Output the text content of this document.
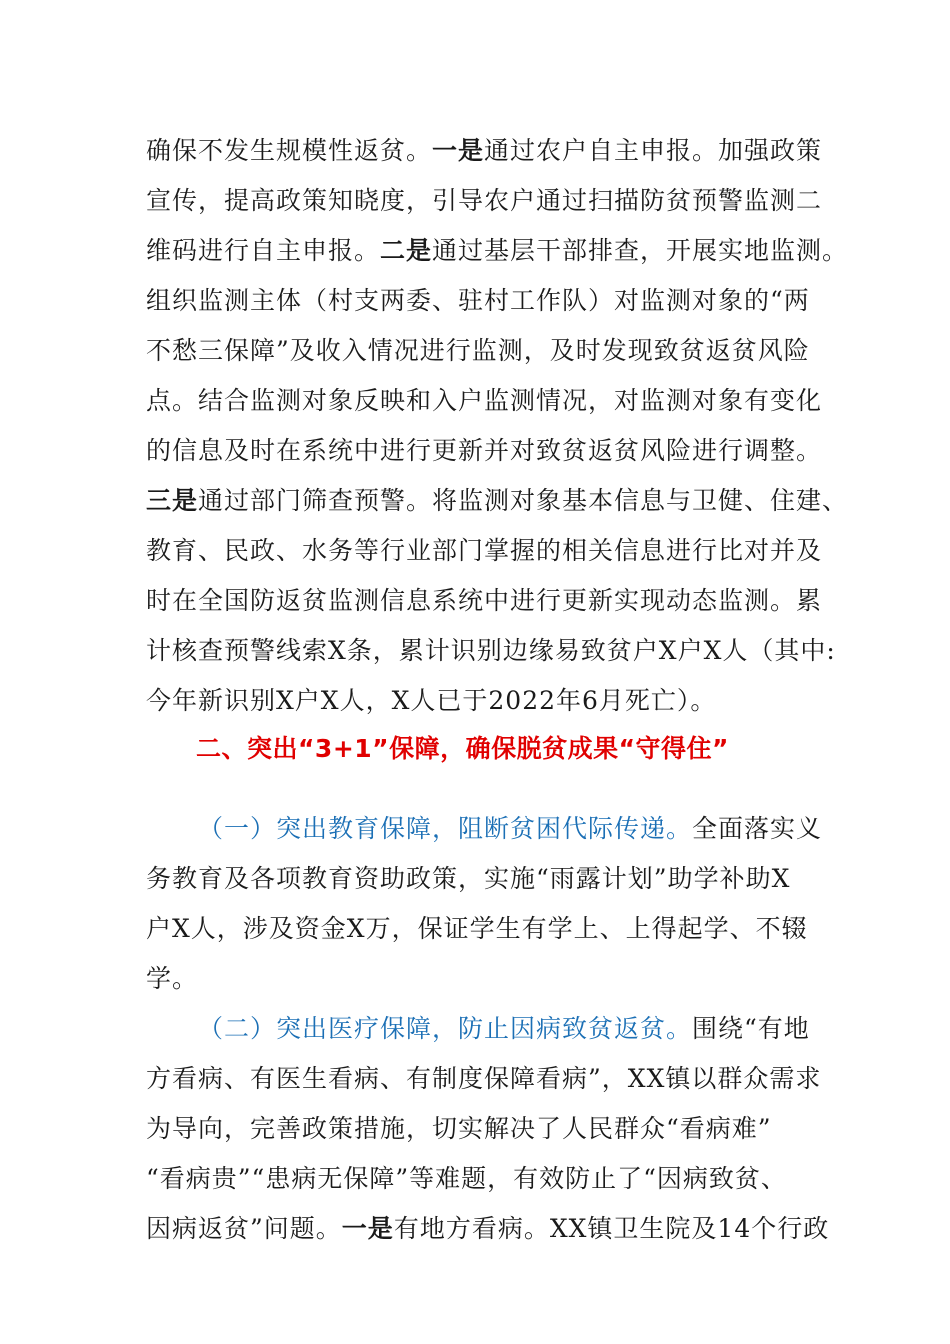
确保不发生规模性返贫。一是通过农户自主申报。加强政策
宣传，提高政策知晓度，引导农户通过扫描防贫预警监测二
维码进行自主申报。二是通过基层干部排查，开展实地监测。
组织监测主体（村支两委、驻村工作队）对监测对象的“两
不愁三保障”及收入情况进行监测，及时发现致贫返贫风险
点。结合监测对象反映和入户监测情况，对监测对象有变化
的信息及时在系统中进行更新并对致贫返贫风险进行调整。
三是通过部门筛查预警。将监测对象基本信息与卫健、住建、
教育、民政、水务等行业部门掌握的相关信息进行比对并及
时在全国防返贫监测信息系统中进行更新实现动态监测。累
计核查预警线索X条，累计识别边缘易致贫户X户X人（其中:
今年新识别X户X人，X人已于2022年6月死亡）。
二、突出“3+1”保障，确保脱贫成果“守得住”
（一）突出教育保障，阻断贫困代际传递。全面落实义
务教育及各项教育资助政策，实施“雨露计划”助学补助X
户X人，涉及资金X万，保证学生有学上、上得起学、不辍
学。
（二）突出医疗保障，防止因病致贫返贫。围绕“有地
方看病、有医生看病、有制度保障看病”，XX镇以群众需求
为导向，完善政策措施，切实解决了人民群众“看病难”
“看病贵”“患病无保障”等难题，有效防止了“因病致贫、
因病返贫”问题。一是有地方看病。XX镇卫生院及14个行政
